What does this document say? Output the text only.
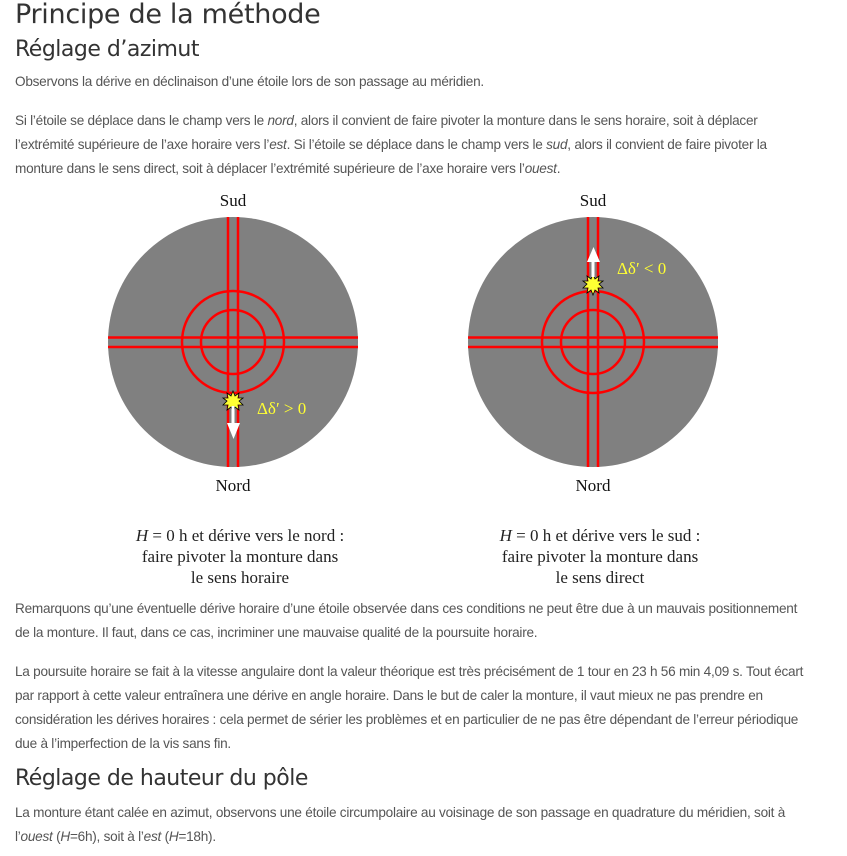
Principe de la méthode
Réglage d’azimut

Observons la dérive en déclinaison d’une étoile lors de son passage au méridien.

Si l’étoile se déplace dans le champ vers le nord, alors il convient de faire pivoter la monture dans le sens horaire, soit à déplacer l’extrémité supérieure de l’axe horaire vers l’est. Si l’étoile se déplace dans le champ vers le sud, alors il convient de faire pivoter la monture dans le sens direct, soit à déplacer l’extrémité supérieure de l’axe horaire vers l’ouest.

Sud
Δδ′ > 0
Nord
H = 0 h et dérive vers le nord :
faire pivoter la monture dans
le sens horaire
Sud
Δδ′ < 0
Nord
H = 0 h et dérive vers le sud :
faire pivoter la monture dans
le sens direct

Remarquons qu’une éventuelle dérive horaire d’une étoile observée dans ces conditions ne peut être due à un mauvais positionnement de la monture. Il faut, dans ce cas, incriminer une mauvaise qualité de la poursuite horaire.

La poursuite horaire se fait à la vitesse angulaire dont la valeur théorique est très précisément de 1 tour en 23 h 56 min 4,09 s. Tout écart par rapport à cette valeur entraînera une dérive en angle horaire. Dans le but de caler la monture, il vaut mieux ne pas prendre en considération les dérives horaires : cela permet de sérier les problèmes et en particulier de ne pas être dépendant de l’erreur périodique due à l’imperfection de la vis sans fin.

Réglage de hauteur du pôle

La monture étant calée en azimut, observons une étoile circumpolaire au voisinage de son passage en quadrature du méridien, soit à l’ouest (H=6h), soit à l’est (H=18h).
